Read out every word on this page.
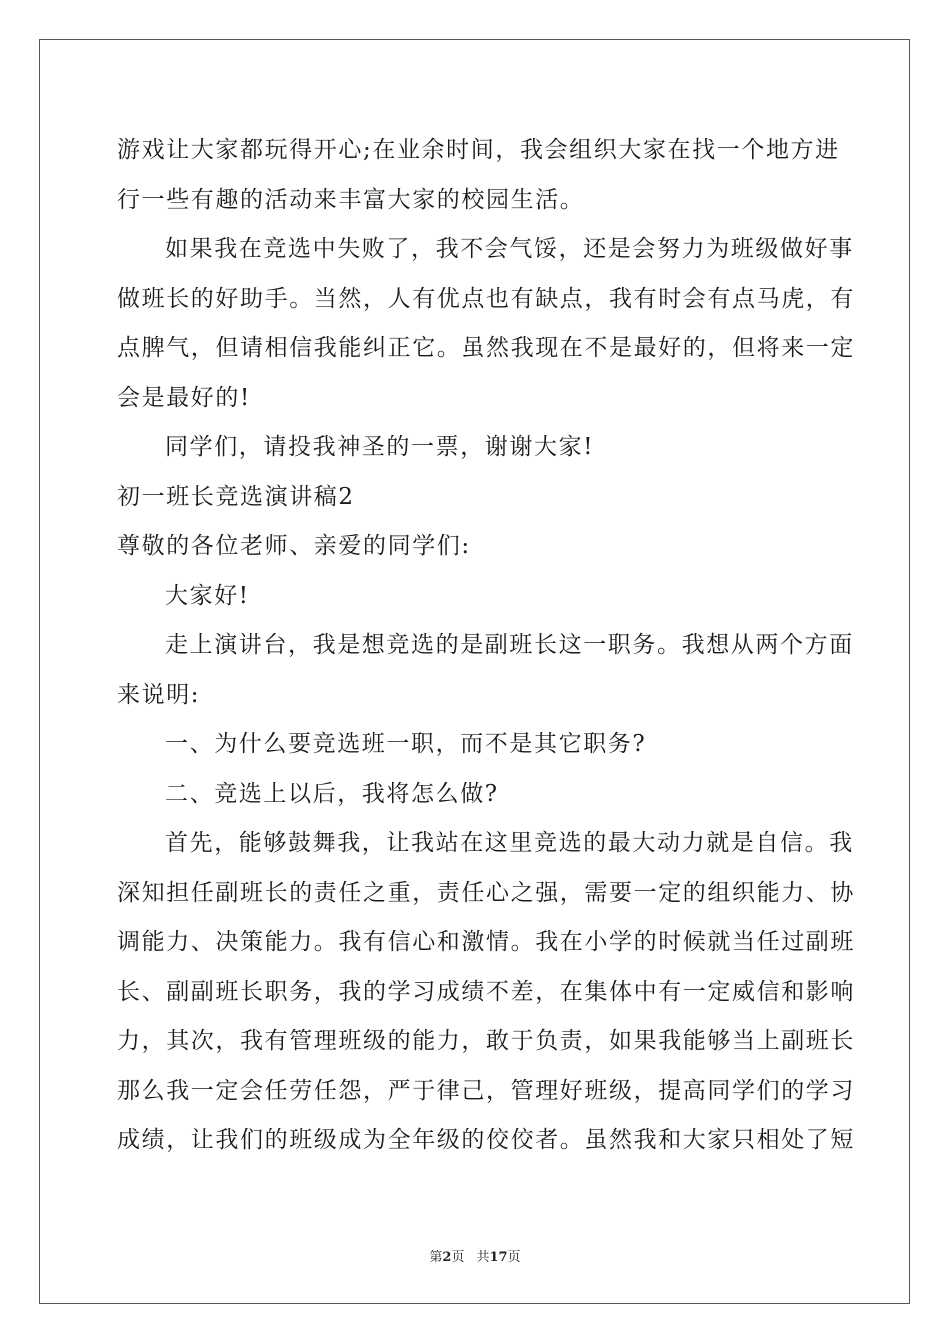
游戏让大家都玩得开心;在业余时间，我会组织大家在找一个地方进
行一些有趣的活动来丰富大家的校园生活。
如果我在竞选中失败了，我不会气馁，还是会努力为班级做好事
做班长的好助手。当然，人有优点也有缺点，我有时会有点马虎，有
点脾气，但请相信我能纠正它。虽然我现在不是最好的，但将来一定
会是最好的!
同学们，请投我神圣的一票，谢谢大家!
初一班长竞选演讲稿2
尊敬的各位老师、亲爱的同学们:
大家好!
走上演讲台，我是想竞选的是副班长这一职务。我想从两个方面
来说明:
一、为什么要竞选班一职，而不是其它职务?
二、竞选上以后，我将怎么做?
首先，能够鼓舞我，让我站在这里竞选的最大动力就是自信。我
深知担任副班长的责任之重，责任心之强，需要一定的组织能力、协
调能力、决策能力。我有信心和激情。我在小学的时候就当任过副班
长、副副班长职务，我的学习成绩不差，在集体中有一定威信和影响
力，其次，我有管理班级的能力，敢于负责，如果我能够当上副班长
那么我一定会任劳任怨，严于律己，管理好班级，提高同学们的学习
成绩，让我们的班级成为全年级的佼佼者。虽然我和大家只相处了短
第2页 共17页
